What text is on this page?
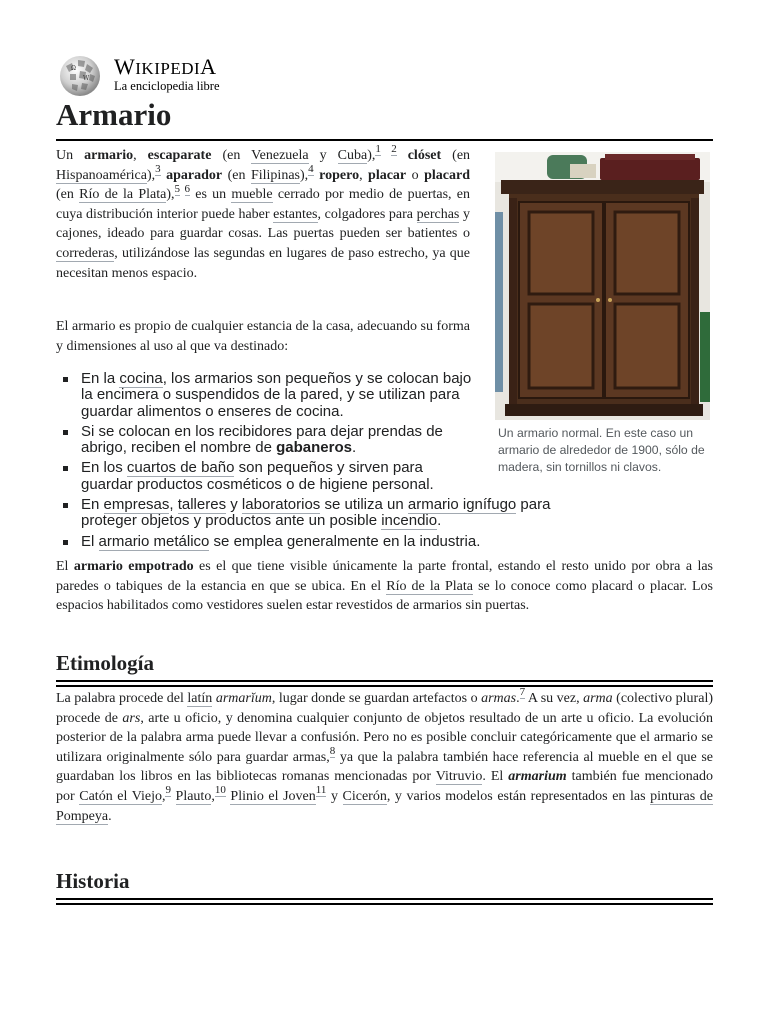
Ω
W WIKIPEDIA
La enciclopedia libre
Armario
Un armario normal. En este caso un armario de alrededor de 1900, sólo de madera, sin tornillos ni clavos.

Un armario, escaparate (en Venezuela y Cuba),$^1$ $^2$ clóset (en Hispanoamérica),$^3$ aparador (en Filipinas),$^4$ ropero, placar o placard (en Río de la Plata),$^5$ $^6$ es un mueble cerrado por medio de puertas, en cuya distribución interior puede haber estantes, colgadores para perchas y cajones, ideado para guardar cosas. Las puertas pueden ser batientes o correderas, utilizándose las segundas en lugares de paso estrecho, ya que necesitan menos espacio.

El armario es propio de cualquier estancia de la casa, adecuando su forma y dimensiones al uso al que va destinado:

En la cocina, los armarios son pequeños y se colocan bajo la encimera o suspendidos de la pared, y se utilizan para guardar alimentos o enseres de cocina.
Si se colocan en los recibidores para dejar prendas de abrigo, reciben el nombre de gabaneros.
En los cuartos de baño son pequeños y sirven para guardar productos cosméticos o de higiene personal.
En empresas, talleres y laboratorios se utiliza un armario ignífugo para proteger objetos y productos ante un posible incendio.
El armario metálico se emplea generalmente en la industria.

El armario empotrado es el que tiene visible únicamente la parte frontal, estando el resto unido por obra a las paredes o tabiques de la estancia en que se ubica. En el Río de la Plata se lo conoce como placard o placar. Los espacios habilitados como vestidores suelen estar revestidos de armarios sin puertas.

Etimología

La palabra procede del latín armarĭum, lugar donde se guardan artefactos o armas.$^7$ A su vez, arma (colectivo plural) procede de ars, arte u oficio, y denomina cualquier conjunto de objetos resultado de un arte u oficio. La evolución posterior de la palabra arma puede llevar a confusión. Pero no es posible concluir categóricamente que el armario se utilizara originalmente sólo para guardar armas,$^8$ ya que la palabra también hace referencia al mueble en el que se guardaban los libros en las bibliotecas romanas mencionadas por Vitruvio. El armarium también fue mencionado por Catón el Viejo,$^9$ Plauto,$^{10}$ Plinio el Joven$^{11}$ y Cicerón, y varios modelos están representados en las pinturas de Pompeya.

Historia
